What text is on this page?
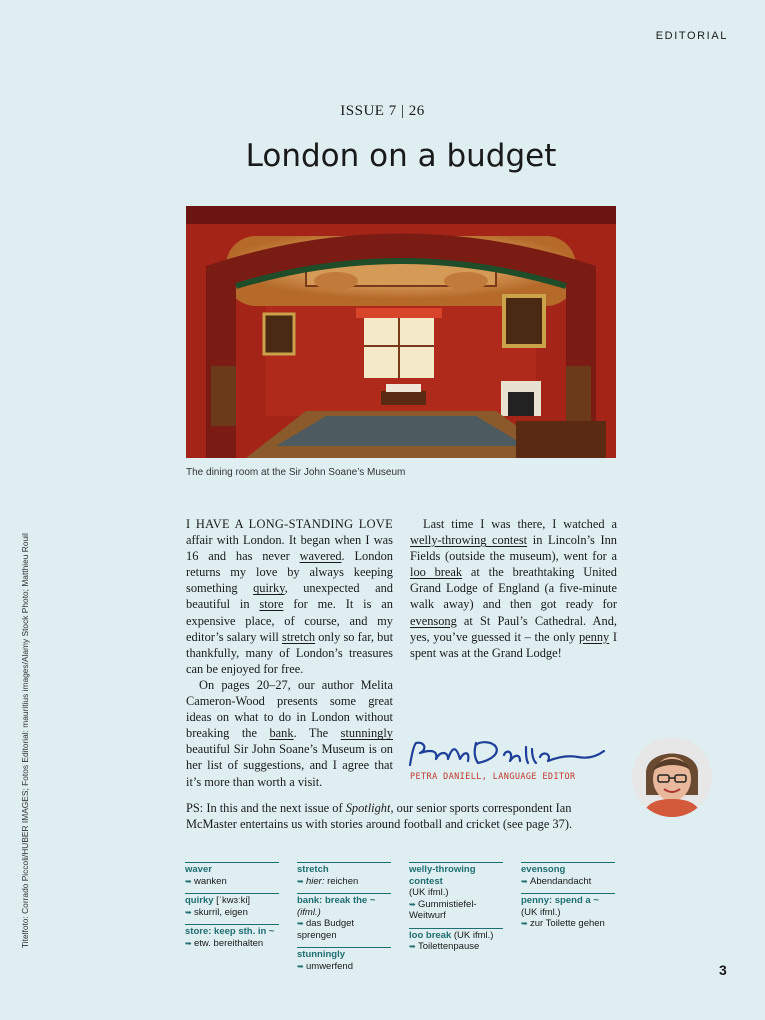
EDITORIAL
ISSUE 7 | 26
London on a budget
The dining room at the Sir John Soane’s Museum
Titelfoto: Corrado Piccoli/HUBER IMAGES; Fotos Editorial: mauritius images/Alamy Stock Photo; Matthieu Rouil

I HAVE A LONG-STANDING LOVE affair with London. It began when I was 16 and has never wavered. London returns my love by always keeping something quirky, unexpected and beautiful in store for me. It is an expensive place, of course, and my editor’s salary will stretch only so far, but thankfully, many of London’s treasures can be enjoyed for free.

On pages 20–27, our author Melita Cameron-Wood presents some great ideas on what to do in London without breaking the bank. The stunningly beautiful Sir John Soane’s Museum is on her list of suggestions, and I agree that it’s more than worth a visit.

Last time I was there, I watched a welly-throwing contest in Lincoln’s Inn Fields (outside the museum), went for a loo break at the breathtaking United Grand Lodge of England (a five-minute walk away) and then got ready for evensong at St Paul’s Cathedral. And, yes, you’ve guessed it – the only penny I spent was at the Grand Lodge!

PETRA DANIELL, LANGUAGE EDITOR
PS: In this and the next issue of Spotlight, our senior sports correspondent Ian McMaster entertains us with stories around football and cricket (see page 37).
waver
➥wanken
quirky [ˈkwɜːki]
➥skurril, eigen
store: keep sth. in ~
➥etw. bereithalten
stretch
➥hier: reichen
bank: break the ~ (ifml.)
➥das Budget sprengen
stunningly
➥umwerfend
welly-throwing contest
(UK ifml.)
➥Gummistiefel-Weitwurf
loo break (UK ifml.)
➥Toilettenpause
evensong
➥Abendandacht
penny: spend a ~
(UK ifml.)
➥zur Toilette gehen
3
